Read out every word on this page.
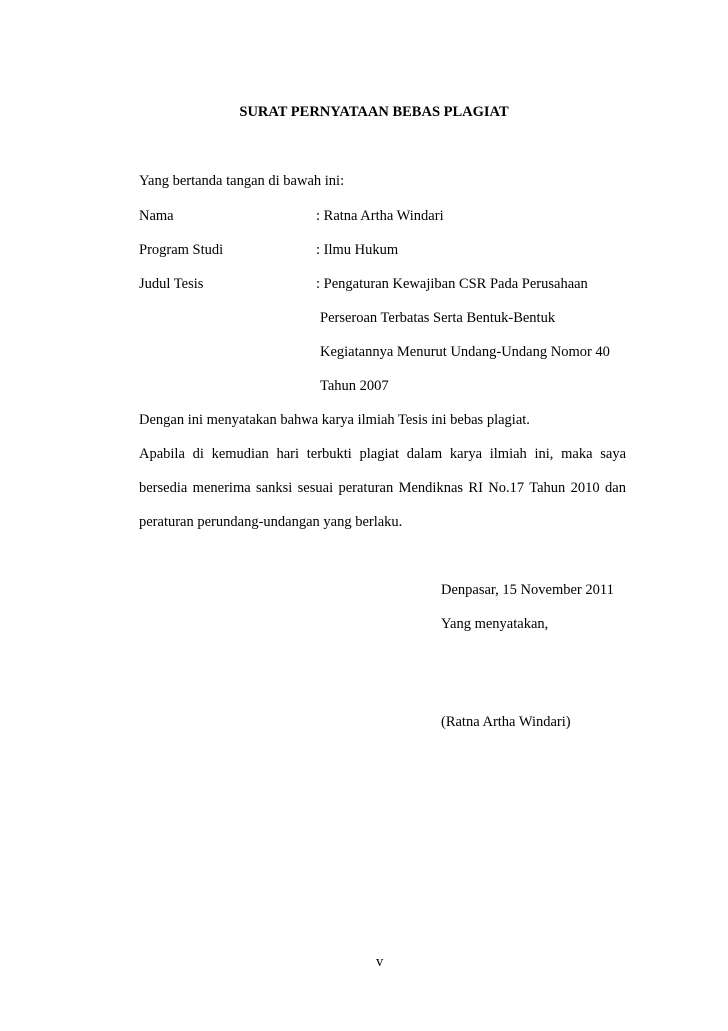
SURAT PERNYATAAN BEBAS PLAGIAT
Yang bertanda tangan di bawah ini:
Nama	: Ratna Artha Windari
Program Studi	: Ilmu Hukum
Judul Tesis	: Pengaturan Kewajiban CSR Pada Perusahaan
Perseroan Terbatas Serta Bentuk-Bentuk
Kegiatannya Menurut Undang-Undang Nomor 40
Tahun 2007
Dengan ini menyatakan bahwa karya ilmiah Tesis ini bebas plagiat.
Apabila di kemudian hari terbukti plagiat dalam karya ilmiah ini, maka saya
bersedia menerima sanksi sesuai peraturan Mendiknas RI No.17 Tahun 2010 dan
peraturan perundang-undangan yang berlaku.
Denpasar, 15 November 2011
Yang menyatakan,
(Ratna Artha Windari)
v
